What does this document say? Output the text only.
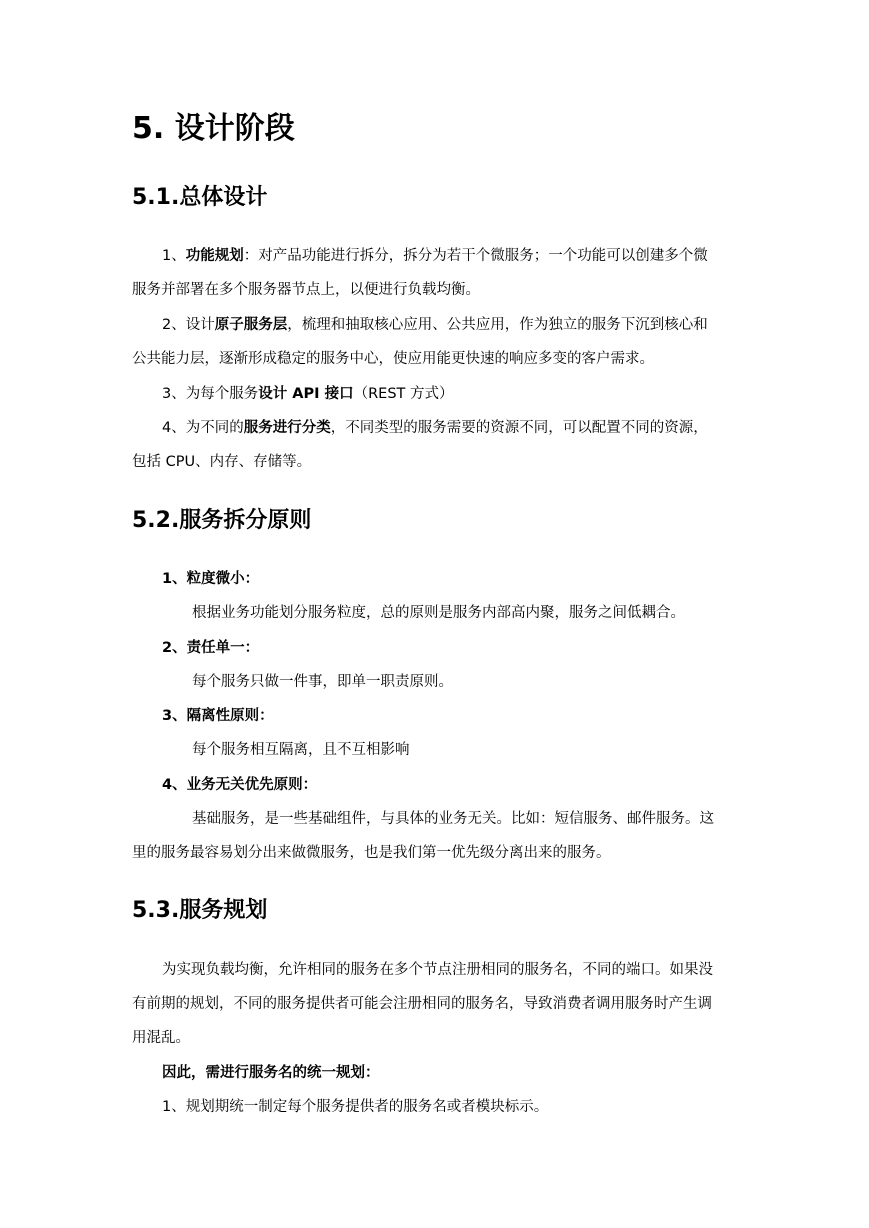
5. 设计阶段
5.1.总体设计
1、功能规划：对产品功能进行拆分，拆分为若干个微服务；一个功能可以创建多个微
服务并部署在多个服务器节点上，以便进行负载均衡。
2、设计原子服务层，梳理和抽取核心应用、公共应用，作为独立的服务下沉到核心和
公共能力层，逐渐形成稳定的服务中心，使应用能更快速的响应多变的客户需求。
3、为每个服务设计 API 接口（REST 方式）
4、为不同的服务进行分类，不同类型的服务需要的资源不同，可以配置不同的资源，
包括 CPU、内存、存储等。
5.2.服务拆分原则
1、粒度微小：
根据业务功能划分服务粒度，总的原则是服务内部高内聚，服务之间低耦合。
2、责任单一：
每个服务只做一件事，即单一职责原则。
3、隔离性原则：
每个服务相互隔离，且不互相影响
4、业务无关优先原则：
基础服务，是一些基础组件，与具体的业务无关。比如：短信服务、邮件服务。这
里的服务最容易划分出来做微服务，也是我们第一优先级分离出来的服务。
5.3.服务规划
为实现负载均衡，允许相同的服务在多个节点注册相同的服务名，不同的端口。如果没
有前期的规划，不同的服务提供者可能会注册相同的服务名，导致消费者调用服务时产生调
用混乱。
因此，需进行服务名的统一规划：
1、规划期统一制定每个服务提供者的服务名或者模块标示。
